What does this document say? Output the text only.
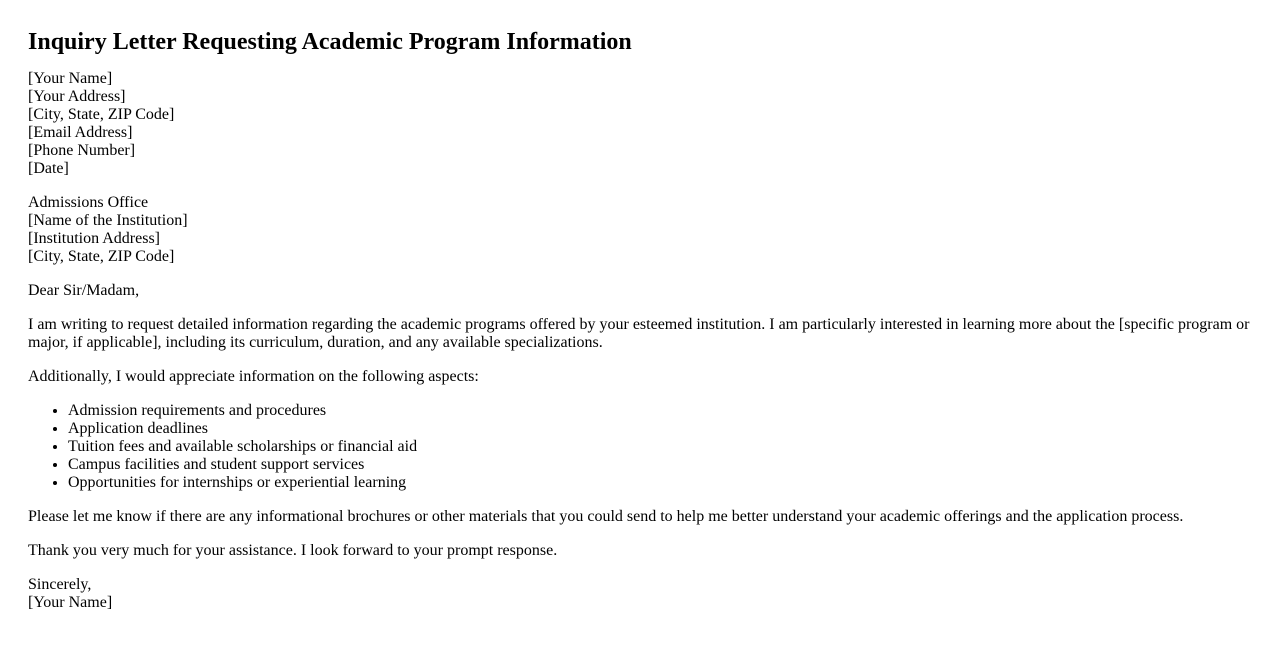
Inquiry Letter Requesting Academic Program Information
[Your Name]
[Your Address]
[City, State, ZIP Code]
[Email Address]
[Phone Number]
[Date]
Admissions Office
[Name of the Institution]
[Institution Address]
[City, State, ZIP Code]

Dear Sir/Madam,

I am writing to request detailed information regarding the academic programs offered by your esteemed institution. I am particularly interested in learning more about the [specific program or major, if applicable], including its curriculum, duration, and any available specializations.

Additionally, I would appreciate information on the following aspects:

• Admission requirements and procedures
• Application deadlines
• Tuition fees and available scholarships or financial aid
• Campus facilities and student support services
• Opportunities for internships or experiential learning

Please let me know if there are any informational brochures or other materials that you could send to help me better understand your academic offerings and the application process.

Thank you very much for your assistance. I look forward to your prompt response.

Sincerely,
[Your Name]
